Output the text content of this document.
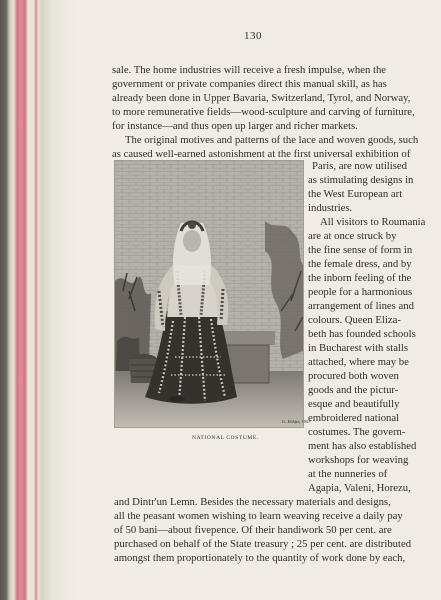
130
sale. The home industries will receive a fresh impulse, when the
government or private companies direct this manual skill, as has
already been done in Upper Bavaria, Switzerland, Tyrol, and Norway,
to more remunerative fields—wood-sculpture and carving of furniture,
for instance—and thus open up larger and richer markets.
The original motives and patterns of the lace and woven goods, such
as caused well-earned astonishment at the first universal exhibition of
G. Ebhfer, 1903
NATIONAL COSTUME.
Paris, are now utilised
as stimulating designs in
the West European art
industries.
All visitors to Roumania
are at once struck by
the fine sense of form in
the female dress, and by
the inborn feeling of the
people for a harmonious
arrangement of lines and
colours. Queen Eliza-
beth has founded schools
in Bucharest with stalls
attached, where may be
procured both woven
goods and the pictur-
esque and beautifully
embroidered national
costumes. The govern-
ment has also established
workshops for weaving
at the nunneries of
Agapia, Valeni, Horezu,
and Dintr'un Lemn. Besides the necessary materials and designs,
all the peasant women wishing to learn weaving receive a daily pay
of 50 bani—about fivepence. Of their handiwork 50 per cent. are
purchased on behalf of the State treasury ; 25 per cent. are distributed
amongst them proportionately to the quantity of work done by each,
